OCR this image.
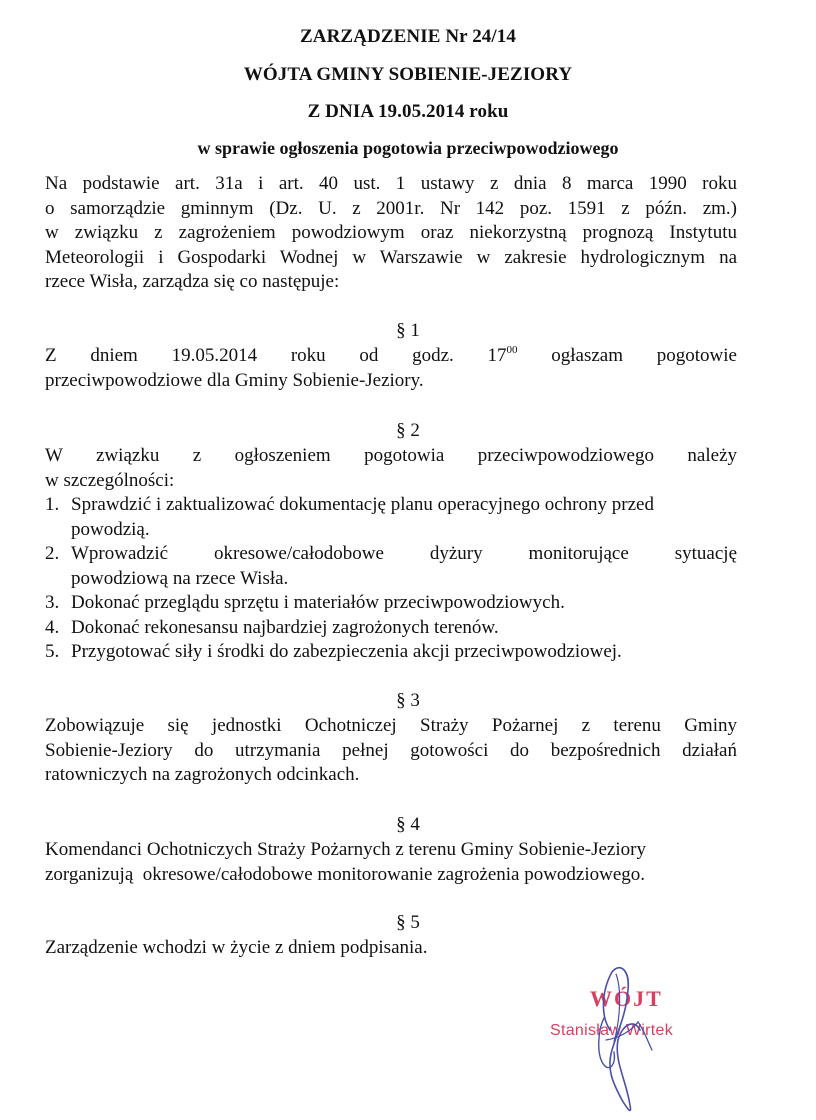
ZARZĄDZENIE Nr 24/14
WÓJTA GMINY SOBIENIE-JEZIORY
Z DNIA 19.05.2014 roku
w sprawie ogłoszenia pogotowia przeciwpowodziowego
Na podstawie art. 31a i art. 40 ust. 1 ustawy z dnia 8 marca 1990 roku
o samorządzie gminnym (Dz. U. z 2001r. Nr 142 poz. 1591 z późn. zm.)
w związku z zagrożeniem powodziowym oraz niekorzystną prognozą Instytutu
Meteorologii i Gospodarki Wodnej w Warszawie w zakresie hydrologicznym na
rzece Wisła, zarządza się co następuje:
§ 1
Z dniem 19.05.2014 roku od godz. $17^{00}$ ogłaszam pogotowie
przeciwpowodziowe dla Gminy Sobienie-Jeziory.
§ 2
W związku z ogłoszeniem pogotowia przeciwpowodziowego należy
w szczególności:
1. Sprawdzić i zaktualizować dokumentację planu operacyjnego ochrony przed
powodzią.
2. Wprowadzić okresowe/całodobowe dyżury monitorujące sytuację
powodziową na rzece Wisła.
3. Dokonać przeglądu sprzętu i materiałów przeciwpowodziowych.
4. Dokonać rekonesansu najbardziej zagrożonych terenów.
5. Przygotować siły i środki do zabezpieczenia akcji przeciwpowodziowej.
§ 3
Zobowiązuje się jednostki Ochotniczej Straży Pożarnej z terenu Gminy
Sobienie-Jeziory do utrzymania pełnej gotowości do bezpośrednich działań
ratowniczych na zagrożonych odcinkach.
§ 4
Komendanci Ochotniczych Straży Pożarnych z terenu Gminy Sobienie-Jeziory
zorganizują  okresowe/całodobowe monitorowanie zagrożenia powodziowego.
§ 5
Zarządzenie wchodzi w życie z dniem podpisania.
WÓJT
Stanisław Wirtek
